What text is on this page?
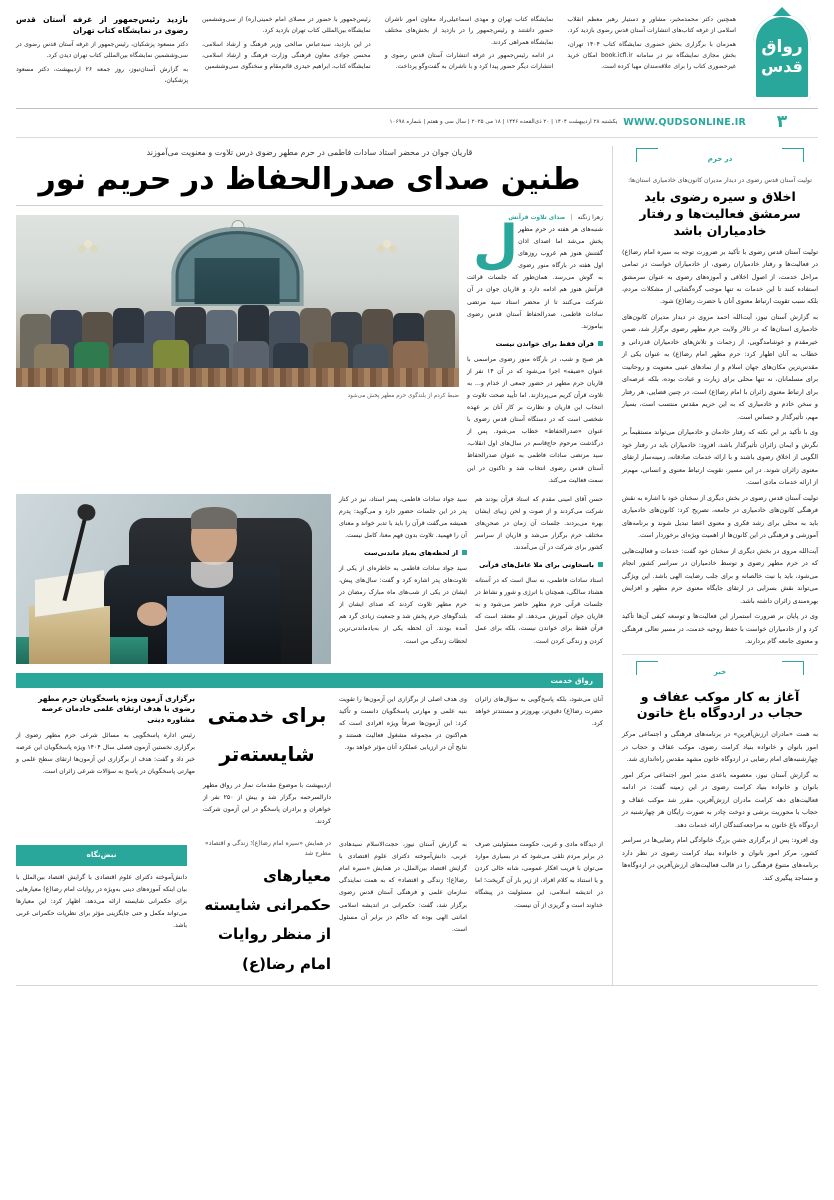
رواق
قدس

همچنین دکتر محمدمخبر، مشاور و دستیار رهبر معظم انقلاب اسلامی از غرفه کتاب‌های انتشارات آستان قدس رضوی بازدید کرد.

همزمان با برگزاری بخش حضوری نمایشگاه کتاب ۱۴۰۴ تهران، بخش مجازی نمایشگاه نیز در سامانه book.icfi.ir امکان خرید غیرحضوری کتاب را برای علاقه‌مندان مهیا کرده است.

نمایشگاه کتاب تهران و مهدی اسماعیلی‌راد معاون امور ناشران حضور داشتند و رئیس‌جمهور را در بازدید از بخش‌های مختلف نمایشگاه همراهی کردند.

در ادامه رئیس‌جمهور در غرفه انتشارات آستان قدس رضوی و انتشارات دیگر حضور پیدا کرد و با ناشران به گفت‌وگو پرداخت.

رئیس‌جمهور با حضور در مصلای امام خمینی(ره) از سی‌وششمین نمایشگاه بین‌المللی کتاب تهران بازدید کرد.

در این بازدید، سیدعباس صالحی وزیر فرهنگ و ارشاد اسلامی، محسن جوادی معاون فرهنگی وزارت فرهنگ و ارشاد اسلامی، نمایشگاه کتاب، ابراهیم حیدری قائم‌مقام و سخنگوی سی‌وششمین

بازدید رئیس‌جمهور از غرفه آستان قدس رضوی در نمایشگاه کتاب تهران

دکتر مسعود پزشکیان، رئیس‌جمهور از غرفه آستان قدس رضوی در سی‌وششمین نمایشگاه بین‌المللی کتاب تهران دیدن کرد.

به گزارش آستان‌نیوز، روز جمعه ۲۶ اردیبهشت، دکتر مسعود پزشکیان،

۳
WWW.QUDSONLINE.IR
یکشنبه ۲۸ اردیبهشت ۱۴۰۴ | ۲۰ ذی‌القعده ۱۴۴۶ | ۱۸ می ۲۰۲۵ | سال سی و هفتم | شماره ۱۰۶۹۸
در حرم
تولیت آستان قدس رضوی در دیدار مدیران کانون‌های خادمیاری استان‌ها:
اخلاق و سیره رضوی باید سرمشق فعالیت‌ها و رفتار خادمیاران باشد

تولیت آستان قدس رضوی با تأکید بر ضرورت توجه به سیره امام رضا(ع) در فعالیت‌ها و رفتار خادمیاران رضوی، از خادمیاران خواست در تمامی مراحل خدمت، از اصول اخلاقی و آموزه‌های رضوی به عنوان سرمشق استفاده کنند تا این خدمات نه تنها موجب گره‌گشایی از مشکلات مردم، بلکه سبب تقویت ارتباط معنوی آنان با حضرت رضا(ع) شود.

به گزارش آستان نیوز، آیت‌الله احمد مروی در دیدار مدیران کانون‌های خادمیاری استان‌ها که در تالار ولایت حرم مطهر رضوی برگزار شد، ضمن خیرمقدم و خوشامدگویی، از زحمات و تلاش‌های خادمیاران قدردانی و خطاب به آنان اظهار کرد: حرم مطهر امام رضا(ع) به عنوان یکی از مقدس‌ترین مکان‌های جهان اسلام و از نمادهای عینی معنویت و روحانیت برای مسلمانان، نه تنها محلی برای زیارت و عبادت بوده، بلکه عرصه‌ای برای ارتباط معنوی زائران با امام رضا(ع) است. در چنین فضایی، هر رفتار و سخن خادم و خادمیاری که به این حریم مقدس منتسب است، بسیار مهم، تأثیرگذار و حساس است.

وی با تأکید بر این نکته که رفتار خادمان و خادمیاران می‌تواند مستقیماً بر نگرش و ایمان زائران تأثیرگذار باشد، افزود: خادمیاران باید در رفتار خود الگویی از اخلاق رضوی باشند و با ارائه خدمات صادقانه، زمینه‌ساز ارتقای معنوی زائران شوند. در این مسیر، تقویت ارتباط معنوی و انسانی، مهم‌تر از ارائه خدمات مادی است.

تولیت آستان قدس رضوی در بخش دیگری از سخنان خود با اشاره به نقش فرهنگی کانون‌های خادمیاری در جامعه، تصریح کرد: کانون‌های خادمیاری باید به محلی برای رشد فکری و معنوی اعضا تبدیل شوند و برنامه‌های آموزشی و فرهنگی در این کانون‌ها از اهمیت ویژه‌ای برخوردار است.

آیت‌الله مروی در بخش دیگری از سخنان خود گفت: خدمات و فعالیت‌هایی که در حرم مطهر رضوی و توسط خادمیاران در سراسر کشور انجام می‌شود، باید با نیت خالصانه و برای جلب رضایت الهی باشد. این ویژگی می‌تواند نقش بسزایی در ارتقای جایگاه معنوی حرم مطهر و افزایش بهره‌مندی زائران داشته باشد.

وی در پایان بر ضرورت استمرار این فعالیت‌ها و توسعه کیفی آن‌ها تأکید کرد و از خادمیاران خواست با حفظ روحیه خدمت، در مسیر تعالی فرهنگی و معنوی جامعه گام بردارند.

خبر
آغاز به کار موکب عفاف و حجاب در اردوگاه باغ خاتون

به همت «مادران ارزش‌آفرین» در برنامه‌های فرهنگی و اجتماعی مرکز امور بانوان و خانواده بنیاد کرامت رضوی، موکب عفاف و حجاب در چهارشنبه‌های امام رضایی در اردوگاه خاتون مشهد مقدس راه‌اندازی شد.

به گزارش آستان نیوز، معصومه باعدی مدیر امور اجتماعی مرکز امور بانوان و خانواده بنیاد کرامت رضوی در این زمینه گفت: در ادامه فعالیت‌های دهه کرامت مادران ارزش‌آفرین، مقرر شد موکب عفاف و حجاب با محوریت برشی و دوخت چادر به صورت رایگان هر چهارشنبه در اردوگاه باغ خاتون به مراجعه‌کنندگان ارائه خدمات دهد.

وی افزود: پس از برگزاری جشن بزرگ خانوادگی امام رضایی‌ها در سراسر کشور، مرکز امور بانوان و خانواده بنیاد کرامت رضوی در نظر دارد برنامه‌های متنوع فرهنگی را در قالب فعالیت‌های ارزش‌آفرین در اردوگاه‌ها و مساجد پیگیری کند.

قاریان جوان در محضر استاد سادات فاطمی در حرم مطهر رضوی درس تلاوت و معنویت می‌آموزند
طنین صدای صدرالحفاظ در حریم نور
زهرا زنگنه | صدای تلاوت قرآنش
ل شنبه‌های هر هفته در حرم مطهر پخش می‌شد اما اصدای اذان گفتنش هنوز هم غروب روزهای اول هفته در بارگاه منور رضوی به گوش می‌رسد. همان‌طور که جلسات قرائت قرآنش هنوز هم ادامه دارد و قاریان جوان در آن شرکت می‌کنند تا از محضر استاد سید مرتضی سادات فاطمی، صدرالحفاظ آستان قدس رضوی بیاموزند.

قرآن فقط برای خواندن نیست

هر صبح و شب، در بارگاه منور رضوی مراسمی با عنوان «ضیفه» اجرا می‌شود که در آن ۱۴ نفر از قاریان حرم مطهر در حضور جمعی از خدام و... به تلاوت قرآن کریم می‌پردازند. اما تأیید صحت تلاوت و انتخاب این قاریان و نظارت بر کار آنان بر عهده شخصی است که در دستگاه آستان قدس رضوی با عنوان «صدرالحفاظ» خطاب می‌شود. پس از درگذشت مرحوم حاج‌قاسم در سال‌های اول انقلاب، سید مرتضی سادات فاطمی به عنوان صدرالحفاظ آستان قدس رضوی انتخاب شد و تاکنون در این سمت فعالیت می‌کند.

ضبط کردم از بلندگوی حرم مطهر پخش می‌شود

حسن آقای امینی مقدم که استاد قرآن بودند هم شرکت می‌کردند و از صوت و لحن زیبای ایشان بهره می‌بردند. جلسات آن زمان در صحن‌های مختلف حرم برگزار می‌شد و قاریان از سراسر کشور برای شرکت در آن می‌آمدند.

باسخاوتی برای ملا عامل‌های قرآنی

استاد سادات فاطمی، نه سال است که در آستانه هشتاد سالگی، همچنان با انرژی و شور و نشاط در جلسات قرآنی حرم مطهر حاضر می‌شود و به قاریان جوان آموزش می‌دهد. او معتقد است که قرآن فقط برای خواندن نیست، بلکه برای عمل کردن و زندگی کردن است.

سید جواد سادات فاطمی، پسر استاد، نیز در کنار پدر در این جلسات حضور دارد و می‌گوید: پدرم همیشه می‌گفت قرآن را باید با تدبر خواند و معنای آن را فهمید. تلاوت بدون فهم معنا، کامل نیست.

از لحظه‌های به‌یاد ماندنی‌ست

سید جواد سادات فاطمی به خاطره‌ای از یکی از تلاوت‌های پدر اشاره کرد و گفت: سال‌های پیش، ایشان در یکی از شب‌های ماه مبارک رمضان در حرم مطهر تلاوت کردند که صدای ایشان از بلندگوهای حرم پخش شد و جمعیت زیادی گرد هم آمده بودند. آن لحظه یکی از به‌یادماندنی‌ترین لحظات زندگی من است.

رواق خدمت

آنان می‌شود، بلکه پاسخ‌گویی به سؤال‌های زائران حضرت رضا(ع) دقیق‌تر، بهروزتر و مستندتر خواهد کرد.

وی هدف اصلی از برگزاری این آزمون‌ها را تقویت بنیه علمی و مهارتی پاسخگویان دانست و تأکید کرد: این آزمون‌ها صرفاً ویژه افرادی است که هم‌اکنون در مجموعه مشغول فعالیت هستند و نتایج آن در ارزیابی عملکرد آنان مؤثر خواهد بود.

برای خدمتی شایسته‌تر

اردیبهشت با موضوع مقدمات نماز در رواق مطهر دارالسرحمه برگزار شد و بیش از ۲۵۰ نفر از خواهران و برادران پاسخگو در این آزمون شرکت کردند.

برگزاری آزمون ویژه پاسخگویان حرم مطهر رضوی با هدف ارتقای علمی خادمان عرصه مشاوره دینی

رئیس اداره پاسخگویی به مسائل شرعی حرم مطهر رضوی از برگزاری نخستین آزمون فصلی سال ۱۴۰۴ ویژه پاسخگویان این عرصه خبر داد و گفت: هدف از برگزاری این آزمون‌ها ارتقای سطح علمی و مهارتی پاسخگویان در پاسخ به سؤالات شرعی زائران است.

از دیدگاه مادی و غربی، حکومت مسئولیتی صرف در برابر مردم تلقی می‌شود که در بسیاری موارد می‌توان با فریب افکار عمومی، شانه خالی کردن و یا استناد به کلام افراد، از زیر بار آن گریخت؛ اما در اندیشه اسلامی، این مسئولیت در پیشگاه خداوند است و گریزی از آن نیست.

به گزارش آستان نیوز، حجت‌الاسلام سیدهادی عربی، دانش‌آموخته دکترای علوم اقتصادی با گرایش اقتصاد بین‌الملل، در همایش «سیره امام رضا(ع)؛ زندگی و اقتصاد» که به همت نمایندگی سازمان علمی و فرهنگی آستان قدس رضوی برگزار شد، گفت: حکمرانی در اندیشه اسلامی امانتی الهی بوده که حاکم در برابر آن مسئول است.

در همایش «سیره امام رضا(ع)؛ زندگی و اقتصاد» مطرح شد
معیارهای حکمرانی شایسته از منظر روایات امام رضا(ع)
نبض‌نگاه

دانش‌آموخته دکترای علوم اقتصادی با گرایش اقتصاد بین‌الملل با بیان اینکه آموزه‌های دینی به‌ویژه در روایات امام رضا(ع) معیارهایی برای حکمرانی شایسته ارائه می‌دهد، اظهار کرد: این معیارها می‌تواند مکمل و حتی جایگزینی مؤثر برای نظریات حکمرانی غربی باشد.
